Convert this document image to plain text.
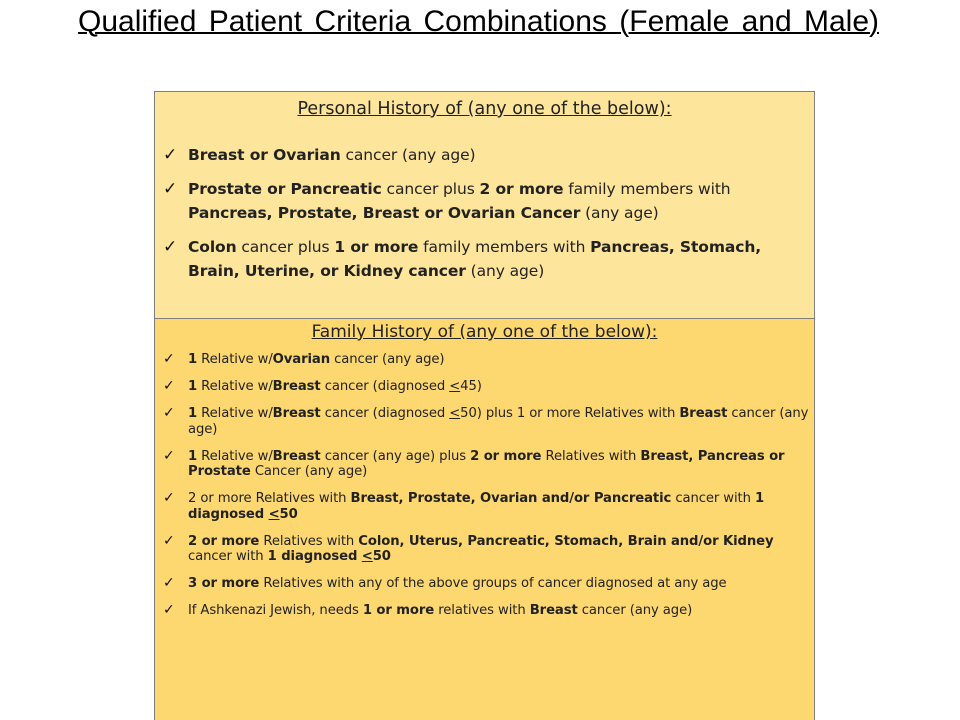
Qualified Patient Criteria Combinations (Female and Male)
Personal History of (any one of the below):
✓ Breast or Ovarian cancer (any age)
✓ Prostate or Pancreatic cancer plus 2 or more family members with Pancreas, Prostate, Breast or Ovarian Cancer (any age)
✓ Colon cancer plus 1 or more family members with Pancreas, Stomach, Brain, Uterine, or Kidney cancer (any age)
Family History of (any one of the below):
✓ 1 Relative w/Ovarian cancer (any age)
✓ 1 Relative w/Breast cancer (diagnosed <45)
✓ 1 Relative w/Breast cancer (diagnosed <50) plus 1 or more Relatives with Breast cancer (any age)
✓ 1 Relative w/Breast cancer (any age) plus 2 or more Relatives with Breast, Pancreas or Prostate Cancer (any age)
✓ 2 or more Relatives with Breast, Prostate, Ovarian and/or Pancreatic cancer with 1 diagnosed <50
✓ 2 or more Relatives with Colon, Uterus, Pancreatic, Stomach, Brain and/or Kidney cancer with 1 diagnosed <50
✓ 3 or more Relatives with any of the above groups of cancer diagnosed at any age
✓ If Ashkenazi Jewish, needs 1 or more relatives with Breast cancer (any age)
